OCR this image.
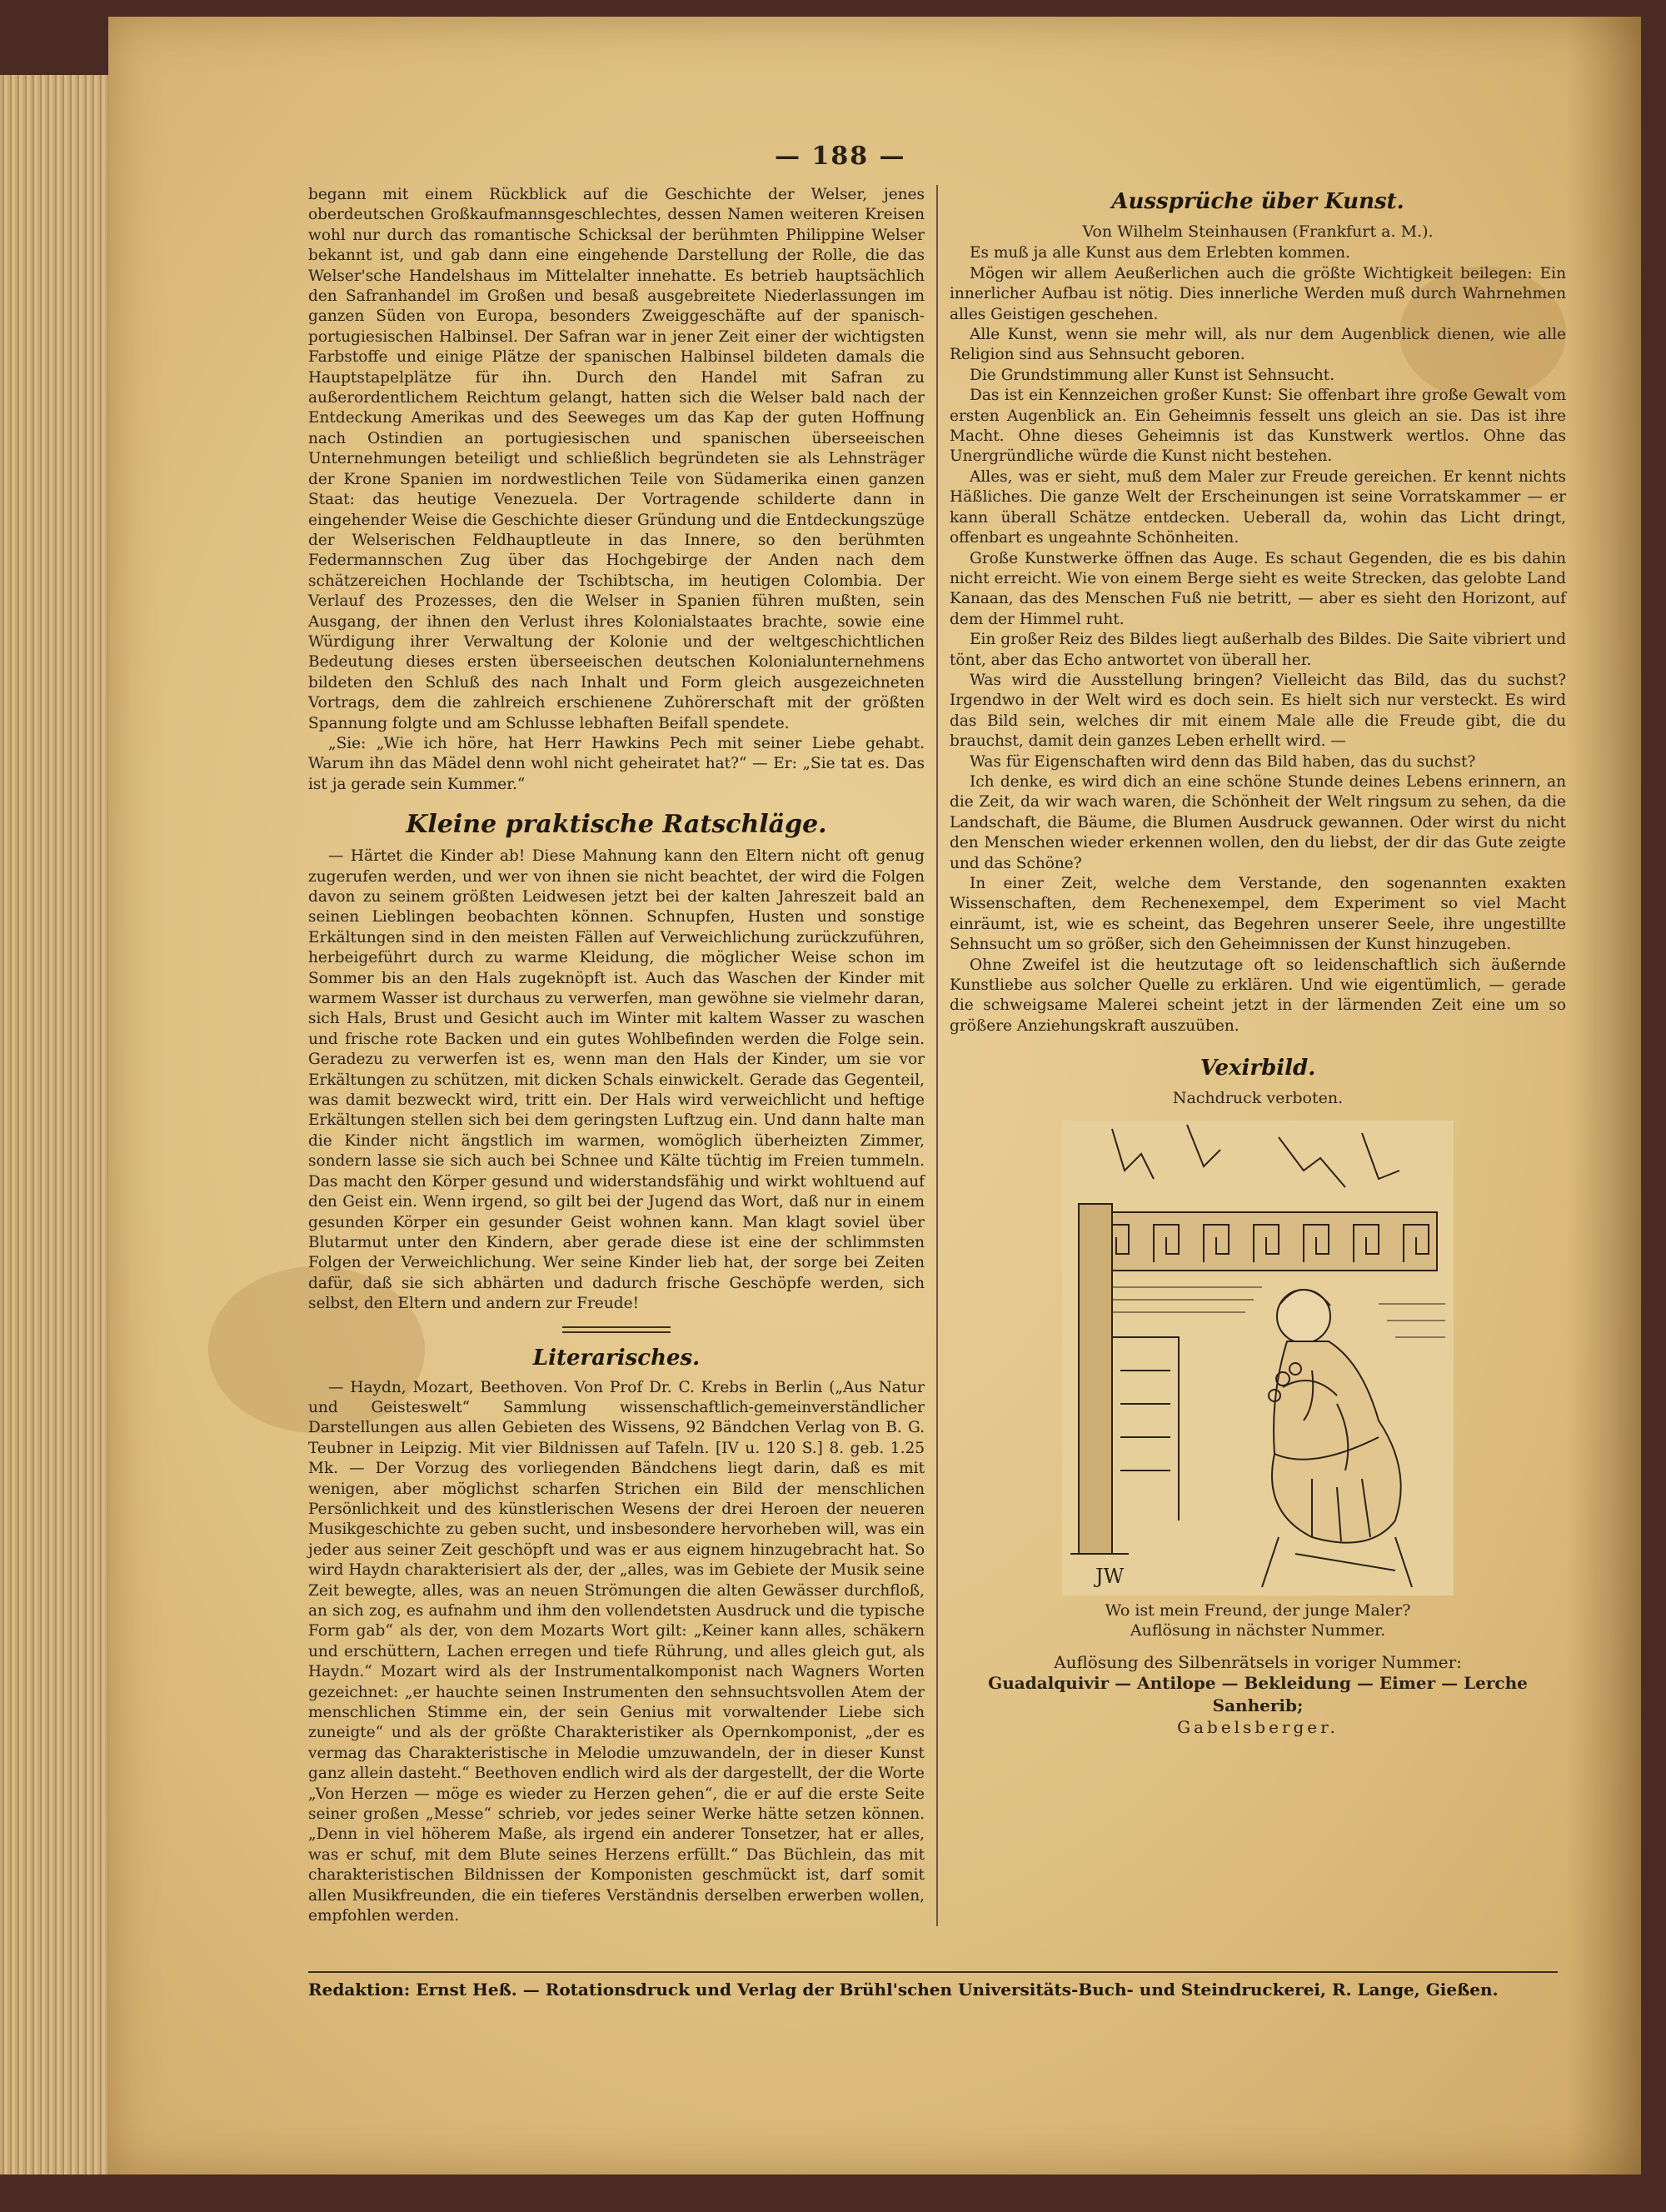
— 188 —

begann mit einem Rückblick auf die Geschichte der Welser, jenes oberdeutschen Großkaufmannsgeschlechtes, dessen Namen weiteren Kreisen wohl nur durch das romantische Schicksal der berühmten Philippine Welser bekannt ist, und gab dann eine eingehende Darstellung der Rolle, die das Welser'sche Handelshaus im Mittelalter innehatte. Es betrieb hauptsächlich den Safranhandel im Großen und besaß ausgebreitete Niederlassungen im ganzen Süden von Europa, besonders Zweiggeschäfte auf der spanisch-portugiesischen Halbinsel. Der Safran war in jener Zeit einer der wichtigsten Farbstoffe und einige Plätze der spanischen Halbinsel bildeten damals die Hauptstapelplätze für ihn. Durch den Handel mit Safran zu außerordentlichem Reichtum gelangt, hatten sich die Welser bald nach der Entdeckung Amerikas und des Seeweges um das Kap der guten Hoffnung nach Ostindien an portugiesischen und spanischen überseeischen Unternehmungen beteiligt und schließlich begründeten sie als Lehnsträger der Krone Spanien im nordwestlichen Teile von Südamerika einen ganzen Staat: das heutige Venezuela. Der Vortragende schilderte dann in eingehender Weise die Geschichte dieser Gründung und die Entdeckungszüge der Welserischen Feldhauptleute in das Innere, so den berühmten Federmannschen Zug über das Hochgebirge der Anden nach dem schätzereichen Hochlande der Tschibtscha, im heutigen Colombia. Der Verlauf des Prozesses, den die Welser in Spanien führen mußten, sein Ausgang, der ihnen den Verlust ihres Kolonialstaates brachte, sowie eine Würdigung ihrer Verwaltung der Kolonie und der weltgeschichtlichen Bedeutung dieses ersten überseeischen deutschen Kolonialunternehmens bildeten den Schluß des nach Inhalt und Form gleich ausgezeichneten Vortrags, dem die zahlreich erschienene Zuhörerschaft mit der größten Spannung folgte und am Schlusse lebhaften Beifall spendete.

„Sie: „Wie ich höre, hat Herr Hawkins Pech mit seiner Liebe gehabt. Warum ihn das Mädel denn wohl nicht geheiratet hat?“ — Er: „Sie tat es. Das ist ja gerade sein Kummer.“

Kleine praktische Ratschläge.

— Härtet die Kinder ab! Diese Mahnung kann den Eltern nicht oft genug zugerufen werden, und wer von ihnen sie nicht beachtet, der wird die Folgen davon zu seinem größten Leidwesen jetzt bei der kalten Jahreszeit bald an seinen Lieblingen beobachten können. Schnupfen, Husten und sonstige Erkältungen sind in den meisten Fällen auf Verweichlichung zurückzuführen, herbeigeführt durch zu warme Kleidung, die möglicher Weise schon im Sommer bis an den Hals zugeknöpft ist. Auch das Waschen der Kinder mit warmem Wasser ist durchaus zu verwerfen, man gewöhne sie vielmehr daran, sich Hals, Brust und Gesicht auch im Winter mit kaltem Wasser zu waschen und frische rote Backen und ein gutes Wohlbefinden werden die Folge sein. Geradezu zu verwerfen ist es, wenn man den Hals der Kinder, um sie vor Erkältungen zu schützen, mit dicken Schals einwickelt. Gerade das Gegenteil, was damit bezweckt wird, tritt ein. Der Hals wird verweichlicht und heftige Erkältungen stellen sich bei dem geringsten Luftzug ein. Und dann halte man die Kinder nicht ängstlich im warmen, womöglich überheizten Zimmer, sondern lasse sie sich auch bei Schnee und Kälte tüchtig im Freien tummeln. Das macht den Körper gesund und widerstandsfähig und wirkt wohltuend auf den Geist ein. Wenn irgend, so gilt bei der Jugend das Wort, daß nur in einem gesunden Körper ein gesunder Geist wohnen kann. Man klagt soviel über Blutarmut unter den Kindern, aber gerade diese ist eine der schlimmsten Folgen der Verweichlichung. Wer seine Kinder lieb hat, der sorge bei Zeiten dafür, daß sie sich abhärten und dadurch frische Geschöpfe werden, sich selbst, den Eltern und andern zur Freude!

Literarisches.

— Haydn, Mozart, Beethoven. Von Prof Dr. C. Krebs in Berlin („Aus Natur und Geisteswelt“ Sammlung wissenschaftlich-gemeinverständlicher Darstellungen aus allen Gebieten des Wissens, 92 Bändchen Verlag von B. G. Teubner in Leipzig. Mit vier Bildnissen auf Tafeln. [IV u. 120 S.] 8. geb. 1.25 Mk. — Der Vorzug des vorliegenden Bändchens liegt darin, daß es mit wenigen, aber möglichst scharfen Strichen ein Bild der menschlichen Persönlichkeit und des künstlerischen Wesens der drei Heroen der neueren Musikgeschichte zu geben sucht, und insbesondere hervorheben will, was ein jeder aus seiner Zeit geschöpft und was er aus eignem hinzugebracht hat. So wird Haydn charakterisiert als der, der „alles, was im Gebiete der Musik seine Zeit bewegte, alles, was an neuen Strömungen die alten Gewässer durchfloß, an sich zog, es aufnahm und ihm den vollendetsten Ausdruck und die typische Form gab“ als der, von dem Mozarts Wort gilt: „Keiner kann alles, schäkern und erschüttern, Lachen erregen und tiefe Rührung, und alles gleich gut, als Haydn.“ Mozart wird als der Instrumentalkomponist nach Wagners Worten gezeichnet: „er hauchte seinen Instrumenten den sehnsuchtsvollen Atem der menschlichen Stimme ein, der sein Genius mit vorwaltender Liebe sich zuneigte“ und als der größte Charakteristiker als Opernkomponist, „der es vermag das Charakteristische in Melodie umzuwandeln, der in dieser Kunst ganz allein dasteht.“ Beethoven endlich wird als der dargestellt, der die Worte „Von Herzen — möge es wieder zu Herzen gehen“, die er auf die erste Seite seiner großen „Messe“ schrieb, vor jedes seiner Werke hätte setzen können. „Denn in viel höherem Maße, als irgend ein anderer Tonsetzer, hat er alles, was er schuf, mit dem Blute seines Herzens erfüllt.“ Das Büchlein, das mit charakteristischen Bildnissen der Komponisten geschmückt ist, darf somit allen Musikfreunden, die ein tieferes Verständnis derselben erwerben wollen, empfohlen werden.

Aussprüche über Kunst.
Von Wilhelm Steinhausen (Frankfurt a. M.).

Es muß ja alle Kunst aus dem Erlebten kommen.

Mögen wir allem Aeußerlichen auch die größte Wichtigkeit beilegen: Ein innerlicher Aufbau ist nötig. Dies innerliche Werden muß durch Wahrnehmen alles Geistigen geschehen.

Alle Kunst, wenn sie mehr will, als nur dem Augenblick dienen, wie alle Religion sind aus Sehnsucht geboren.

Die Grundstimmung aller Kunst ist Sehnsucht.

Das ist ein Kennzeichen großer Kunst: Sie offenbart ihre große Gewalt vom ersten Augenblick an. Ein Geheimnis fesselt uns gleich an sie. Das ist ihre Macht. Ohne dieses Geheimnis ist das Kunstwerk wertlos. Ohne das Unergründliche würde die Kunst nicht bestehen.

Alles, was er sieht, muß dem Maler zur Freude gereichen. Er kennt nichts Häßliches. Die ganze Welt der Erscheinungen ist seine Vorratskammer — er kann überall Schätze entdecken. Ueberall da, wohin das Licht dringt, offenbart es ungeahnte Schönheiten.

Große Kunstwerke öffnen das Auge. Es schaut Gegenden, die es bis dahin nicht erreicht. Wie von einem Berge sieht es weite Strecken, das gelobte Land Kanaan, das des Menschen Fuß nie betritt, — aber es sieht den Horizont, auf dem der Himmel ruht.

Ein großer Reiz des Bildes liegt außerhalb des Bildes. Die Saite vibriert und tönt, aber das Echo antwortet von überall her.

Was wird die Ausstellung bringen? Vielleicht das Bild, das du suchst? Irgendwo in der Welt wird es doch sein. Es hielt sich nur versteckt. Es wird das Bild sein, welches dir mit einem Male alle die Freude gibt, die du brauchst, damit dein ganzes Leben erhellt wird. —

Was für Eigenschaften wird denn das Bild haben, das du suchst?

Ich denke, es wird dich an eine schöne Stunde deines Lebens erinnern, an die Zeit, da wir wach waren, die Schönheit der Welt ringsum zu sehen, da die Landschaft, die Bäume, die Blumen Ausdruck gewannen. Oder wirst du nicht den Menschen wieder erkennen wollen, den du liebst, der dir das Gute zeigte und das Schöne?

In einer Zeit, welche dem Verstande, den sogenannten exakten Wissenschaften, dem Rechenexempel, dem Experiment so viel Macht einräumt, ist, wie es scheint, das Begehren unserer Seele, ihre ungestillte Sehnsucht um so größer, sich den Geheimnissen der Kunst hinzugeben.

Ohne Zweifel ist die heutzutage oft so leidenschaftlich sich äußernde Kunstliebe aus solcher Quelle zu erklären. Und wie eigentümlich, — gerade die schweigsame Malerei scheint jetzt in der lärmenden Zeit eine um so größere Anziehungskraft auszuüben.

Vexirbild.
Nachdruck verboten.
JW
Wo ist mein Freund, der junge Maler?
Auflösung in nächster Nummer.
Auflösung des Silbenrätsels in voriger Nummer:
Guadalquivir — Antilope — Bekleidung — Eimer — Lerche
Sanherib;
Gabelsberger.
Redaktion: Ernst Heß. — Rotationsdruck und Verlag der Brühl'schen Universitäts-Buch- und Steindruckerei, R. Lange, Gießen.
